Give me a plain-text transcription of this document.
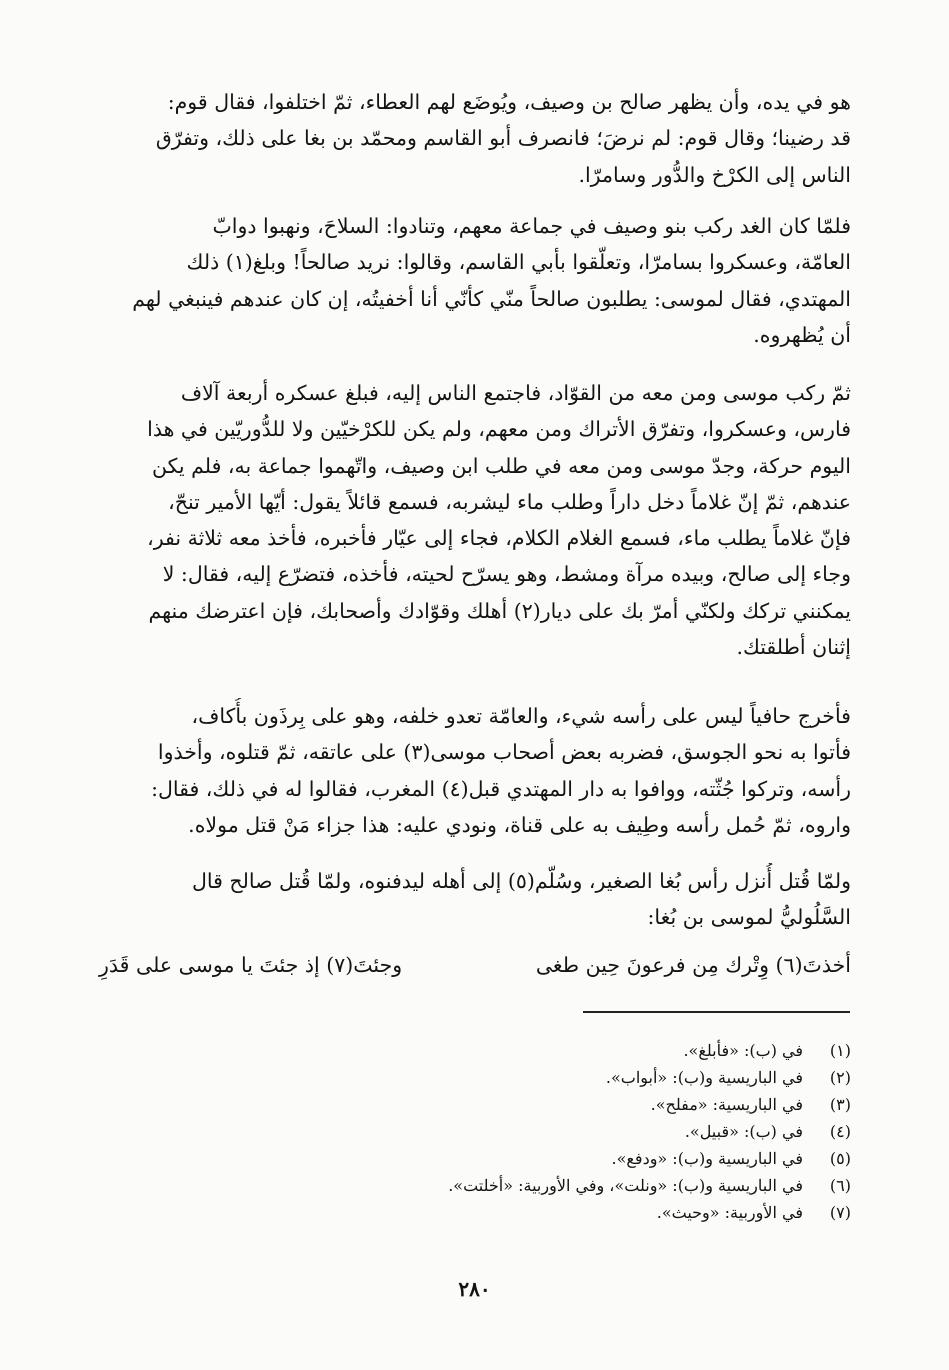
هو في يده، وأن يظهر صالح بن وصيف، ويُوضَع لهم العطاء، ثمّ اختلفوا، فقال قوم:
قد رضينا؛ وقال قوم: لم نرضَ؛ فانصرف أبو القاسم ومحمّد بن بغا على ذلك، وتفرّق
الناس إلى الكرْخ والدُّور وسامرّا.

فلمّا كان الغد ركب بنو وصيف في جماعة معهم، وتنادوا: السلاحَ، ونهبوا دوابّ
العامّة، وعسكروا بسامرّا، وتعلّقوا بأبي القاسم، وقالوا: نريد صالحاً! وبلغ(١) ذلك
المهتدي، فقال لموسى: يطلبون صالحاً منّي كأنّي أنا أخفيتُه، إن كان عندهم فينبغي لهم
أن يُظهروه.

ثمّ ركب موسى ومن معه من القوّاد، فاجتمع الناس إليه، فبلغ عسكره أربعة آلاف
فارس، وعسكروا، وتفرّق الأتراك ومن معهم، ولم يكن للكرْخيّين ولا للدُّوريّين في هذا
اليوم حركة، وجدّ موسى ومن معه في طلب ابن وصيف، واتّهموا جماعة به، فلم يكن
عندهم، ثمّ إنّ غلاماً دخل داراً وطلب ماء ليشربه، فسمع قائلاً يقول: أيّها الأمير تنحّ،
فإنّ غلاماً يطلب ماء، فسمع الغلام الكلام، فجاء إلى عيّار فأخبره، فأخذ معه ثلاثة نفر،
وجاء إلى صالح، وبيده مرآة ومشط، وهو يسرّح لحيته، فأخذه، فتضرّع إليه، فقال: لا
يمكنني تركك ولكنّي أمرّ بك على ديار(٢) أهلك وقوّادك وأصحابك، فإن اعترضك منهم
إثنان أطلقتك.

فأخرج حافياً ليس على رأسه شيء، والعامّة تعدو خلفه، وهو على بِرذَون بأُكاف،
فأتوا به نحو الجوسق، فضربه بعض أصحاب موسى(٣) على عاتقه، ثمّ قتلوه، وأخذوا
رأسه، وتركوا جُثّته، ووافوا به دار المهتدي قبل(٤) المغرب، فقالوا له في ذلك، فقال:
واروه، ثمّ حُمل رأسه وطِيف به على قناة، ونودي عليه: هذا جزاء مَنْ قتل مولاه.

ولمّا قُتل أُنزل رأس بُغا الصغير، وسُلّم(٥) إلى أهله ليدفنوه، ولمّا قُتل صالح قال
السَّلُوليُّ لموسى بن بُغا:

أخذتَ(٦) وِتْرك مِن فرعونَ حِين طغى
وجئتَ(٧) إذ جئتَ يا موسى على قَدَرِ
(١)
في (ب): «فأبلغ».
(٢)
في الباريسية و(ب): «أبواب».
(٣)
في الباريسية: «مفلح».
(٤)
في (ب): «قبيل».
(٥)
في الباريسية و(ب): «ودفع».
(٦)
في الباريسية و(ب): «ونلت»، وفي الأوربية: «أخلتت».
(٧)
في الأوربية: «وحيث».
٢٨٠
